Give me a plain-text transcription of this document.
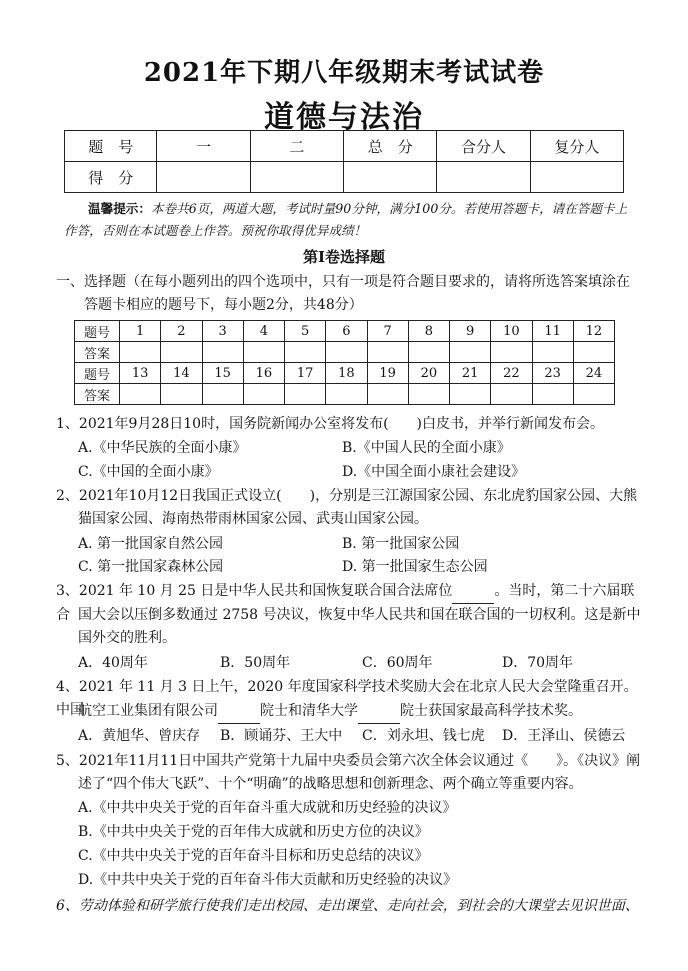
2021年下期八年级期末考试试卷
道德与法治
题　号	一	二	总　分	合分人	复分人
得　分					
温馨提示：本卷共6页，两道大题，考试时量90分钟，满分100分。若使用答题卡，请在答题卡上作答，否则在本试题卷上作答。预祝你取得优异成绩！
第Ⅰ卷选择题
一、选择题（在每小题列出的四个选项中，只有一项是符合题目要求的，请将所选答案填涂在
答题卡相应的题号下，每小题2分，共48分）
题号	1	2	3	4	5	6	7	8	9	10	11	12
答案												
题号	13	14	15	16	17	18	19	20	21	22	23	24
答案												
1、2021年9月28日10时，国务院新闻办公室将发布(　　)白皮书，并举行新闻发布会。
A.《中华民族的全面小康》	B.《中国人民的全面小康》
C.《中国的全面小康》	D.《中国全面小康社会建设》
2、2021年10月12日我国正式设立(　　)，分别是三江源国家公园、东北虎豹国家公园、大熊
猫国家公园、海南热带雨林国家公园、武夷山国家公园。
A. 第一批国家自然公园	B. 第一批国家公园
C. 第一批国家森林公园	D. 第一批国家生态公园
3、2021 年 10 月 25 日是中华人民共和国恢复联合国合法席位	。当时，第二十六届联合 国大会以压倒多数通过 2758 号决议，恢复中华人民共和国在联合国的一切权利。这是新中
国外交的胜利。
A．40周年	B．50周年	C．60周年	D．70周年
4、2021 年 11 月 3 日上午，2020 年度国家科学技术奖励大会在北京人民大会堂隆重召开。中国
航空工业集团有限公司	院士和清华大学	院士获国家最高科学技术奖。
A．黄旭华、曾庆存 B．顾诵芬、王大中 C．刘永坦、钱七虎 D．王泽山、侯德云
5、2021年11月11日中国共产党第十九届中央委员会第六次全体会议通过《　　》。《决议》阐
述了“四个伟大飞跃”、十个“明确”的战略思想和创新理念、两个确立等重要内容。
A.《中共中央关于党的百年奋斗重大成就和历史经验的决议》
B.《中共中央关于党的百年伟大成就和历史方位的决议》
C.《中共中央关于党的百年奋斗目标和历史总结的决议》
D.《中共中央关于党的百年奋斗伟大贡献和历史经验的决议》
6、劳动体验和研学旅行使我们走出校园、走出课堂、走向社会，到社会的大课堂去见识世面、
